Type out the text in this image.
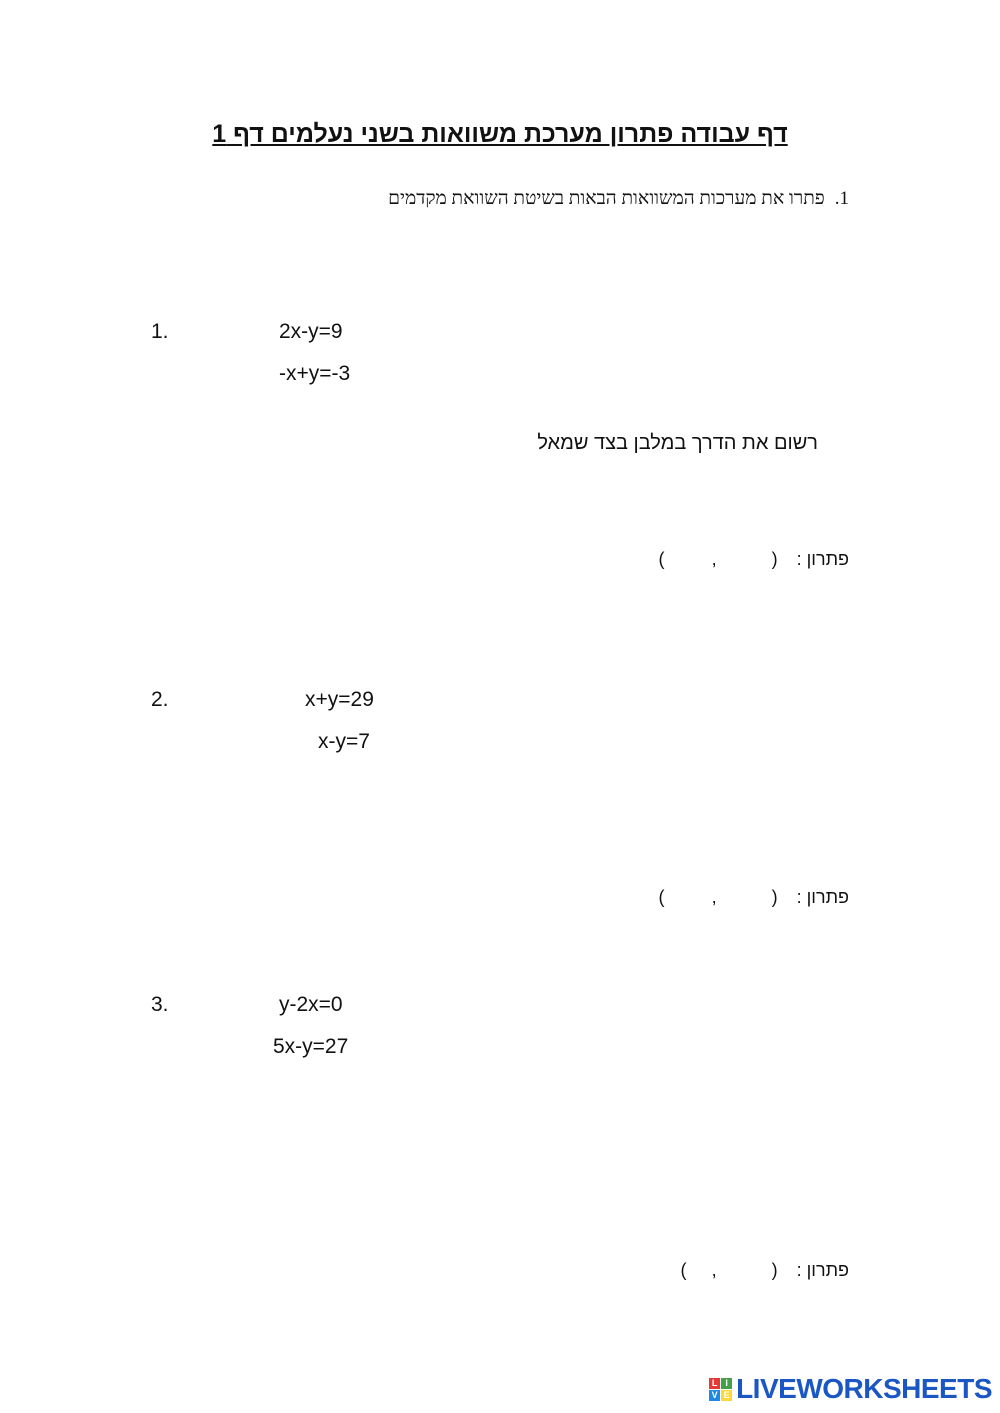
דף עבודה פתרון מערכת משוואות בשני נעלמים דף 1
1.פתרו את מערכות המשוואות הבאות בשיטת השוואת מקדמים
1.	2x-y=9
-x+y=-3
רשום את הדרך במלבן בצד שמאל
פתרון : ( , )
2.	x+y=29
x-y=7
פתרון : ( , )
3.	y-2x=0
5x-y=27
פתרון : ( , )
L I
V E LIVEWORKSHEETS
